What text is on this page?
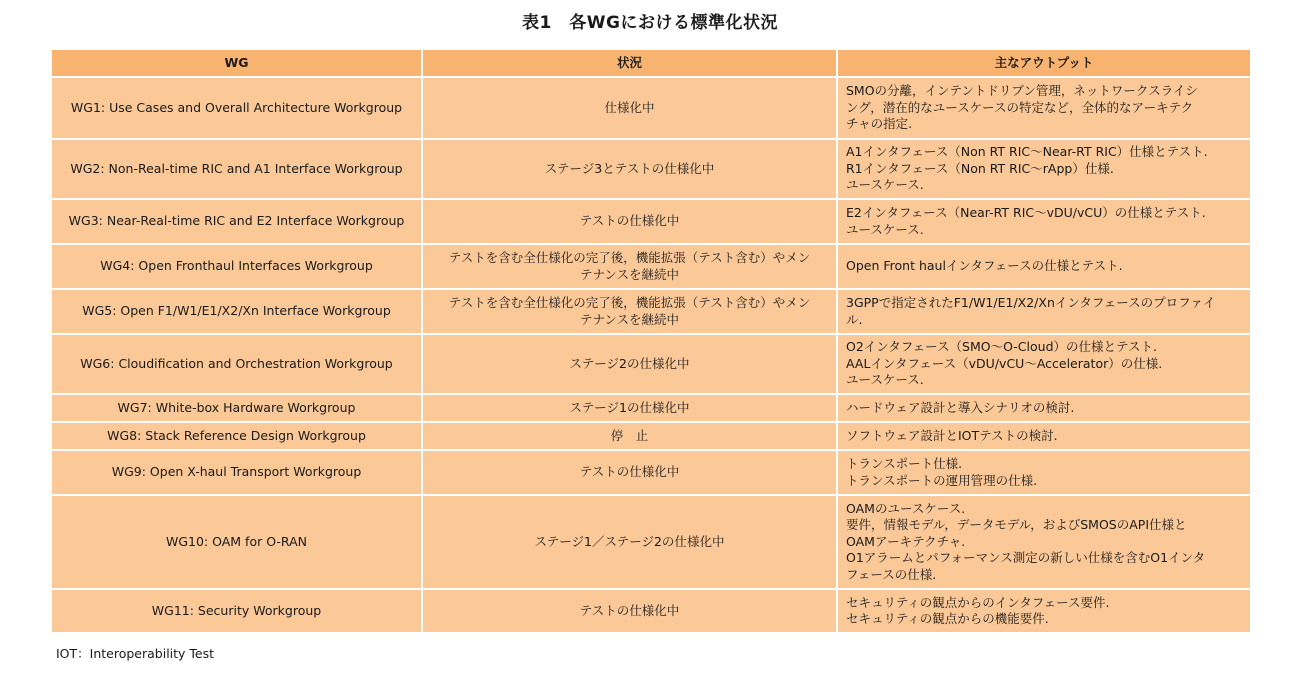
表1　各WGにおける標準化状況
WG	状況	主なアウトプット
WG1: Use Cases and Overall Architecture Workgroup	仕様化中	SMOの分離，インテントドリブン管理，ネットワークスライシ
ング，潜在的なユースケースの特定など，全体的なアーキテク
チャの指定.

WG2: Non-Real-time RIC and A1 Interface Workgroup	ステージ3とテストの仕様化中	A1インタフェース（Non RT RIC〜Near-RT RIC）仕様とテスト.
R1インタフェース（Non RT RIC〜rApp）仕様.
ユースケース.

WG3: Near-Real-time RIC and E2 Interface Workgroup	テストの仕様化中	E2インタフェース（Near-RT RIC〜vDU/vCU）の仕様とテスト.
ユースケース.

WG4: Open Fronthaul Interfaces Workgroup	テストを含む全仕様化の完了後，機能拡張（テスト含む）やメン
テナンスを継続中	Open Front haulインタフェースの仕様とテスト.

WG5: Open F1/W1/E1/X2/Xn Interface Workgroup	テストを含む全仕様化の完了後，機能拡張（テスト含む）やメン
テナンスを継続中	3GPPで指定されたF1/W1/E1/X2/Xnインタフェースのプロファイ
ル.

WG6: Cloudification and Orchestration Workgroup	ステージ2の仕様化中	O2インタフェース（SMO〜O-Cloud）の仕様とテスト.
AALインタフェース（vDU/vCU〜Accelerator）の仕様.
ユースケース.

WG7: White-box Hardware Workgroup	ステージ1の仕様化中	ハードウェア設計と導入シナリオの検討.

WG8: Stack Reference Design Workgroup	停　止	ソフトウェア設計とIOTテストの検討.

WG9: Open X-haul Transport Workgroup	テストの仕様化中	トランスポート仕様.
トランスポートの運用管理の仕様.

WG10: OAM for O-RAN	ステージ1／ステージ2の仕様化中	OAMのユースケース.
要件，情報モデル，データモデル，およびSMOSのAPI仕様と
OAMアーキテクチャ.
O1アラームとパフォーマンス測定の新しい仕様を含むO1インタ
フェースの仕様.

WG11: Security Workgroup	テストの仕様化中	セキュリティの観点からのインタフェース要件.
セキュリティの観点からの機能要件.
IOT：Interoperability Test
